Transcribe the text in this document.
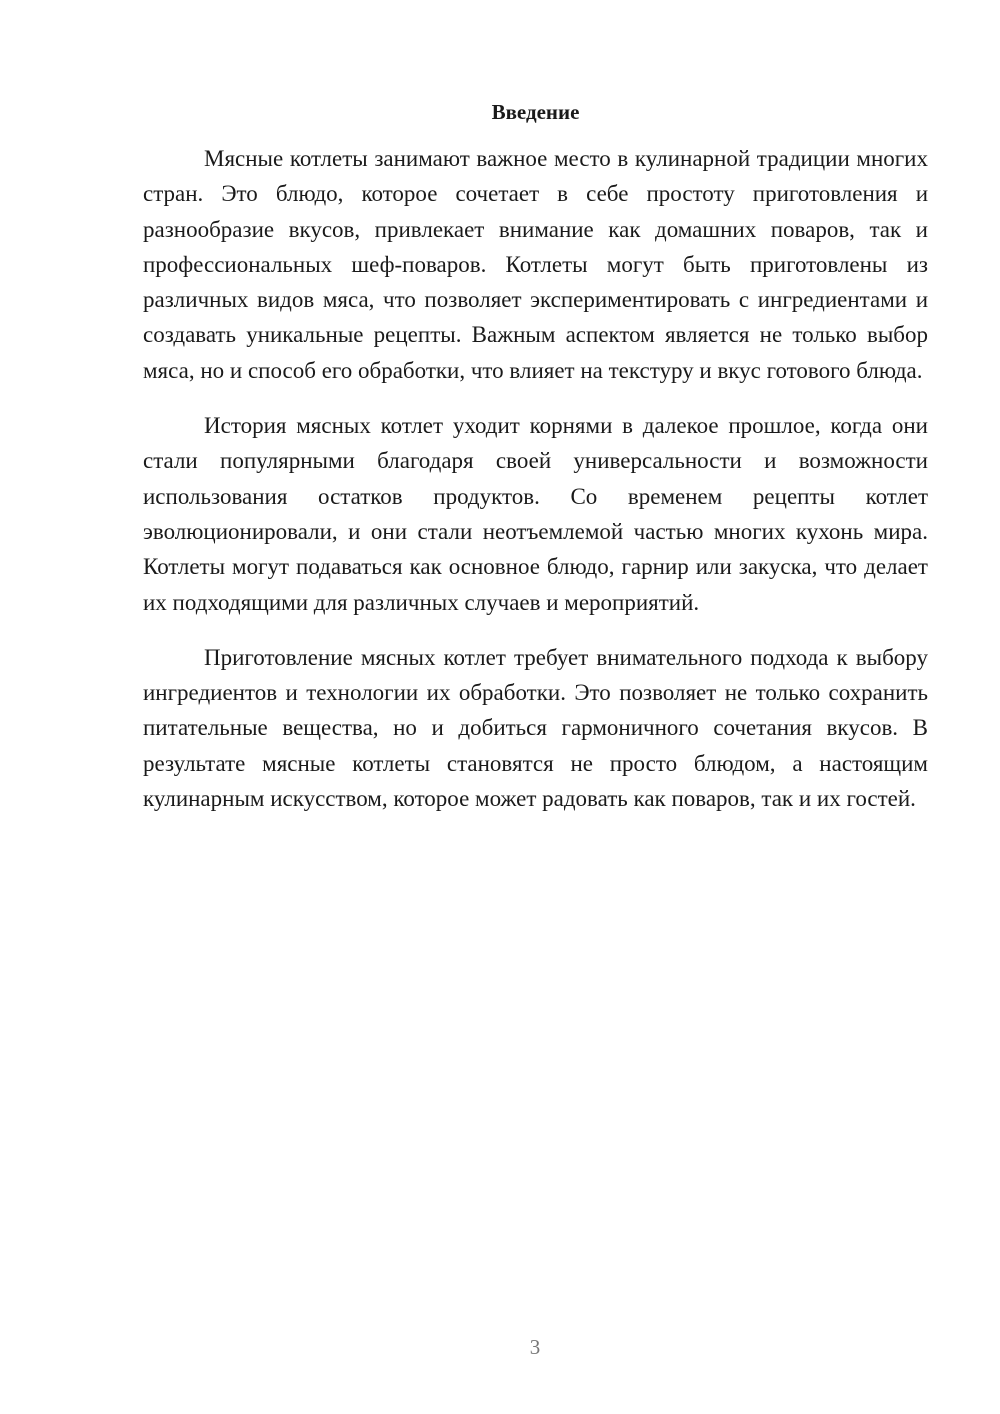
Введение

Мясные котлеты занимают важное место в кулинарной традиции многих стран. Это блюдо, которое сочетает в себе простоту приготовления и разнообразие вкусов, привлекает внимание как домашних поваров, так и профессиональных шеф-поваров. Котлеты могут быть приготовлены из различных видов мяса, что позволяет экспериментировать с ингредиентами и создавать уникальные рецепты. Важным аспектом является не только выбор мяса, но и способ его обработки, что влияет на текстуру и вкус готового блюда.

История мясных котлет уходит корнями в далекое прошлое, когда они стали популярными благодаря своей универсальности и возможности использования остатков продуктов. Со временем рецепты котлет эволюционировали, и они стали неотъемлемой частью многих кухонь мира. Котлеты могут подаваться как основное блюдо, гарнир или закуска, что делает их подходящими для различных случаев и мероприятий.

Приготовление мясных котлет требует внимательного подхода к выбору ингредиентов и технологии их обработки. Это позволяет не только сохранить питательные вещества, но и добиться гармоничного сочетания вкусов. В результате мясные котлеты становятся не просто блюдом, а настоящим кулинарным искусством, которое может радовать как поваров, так и их гостей.

3
